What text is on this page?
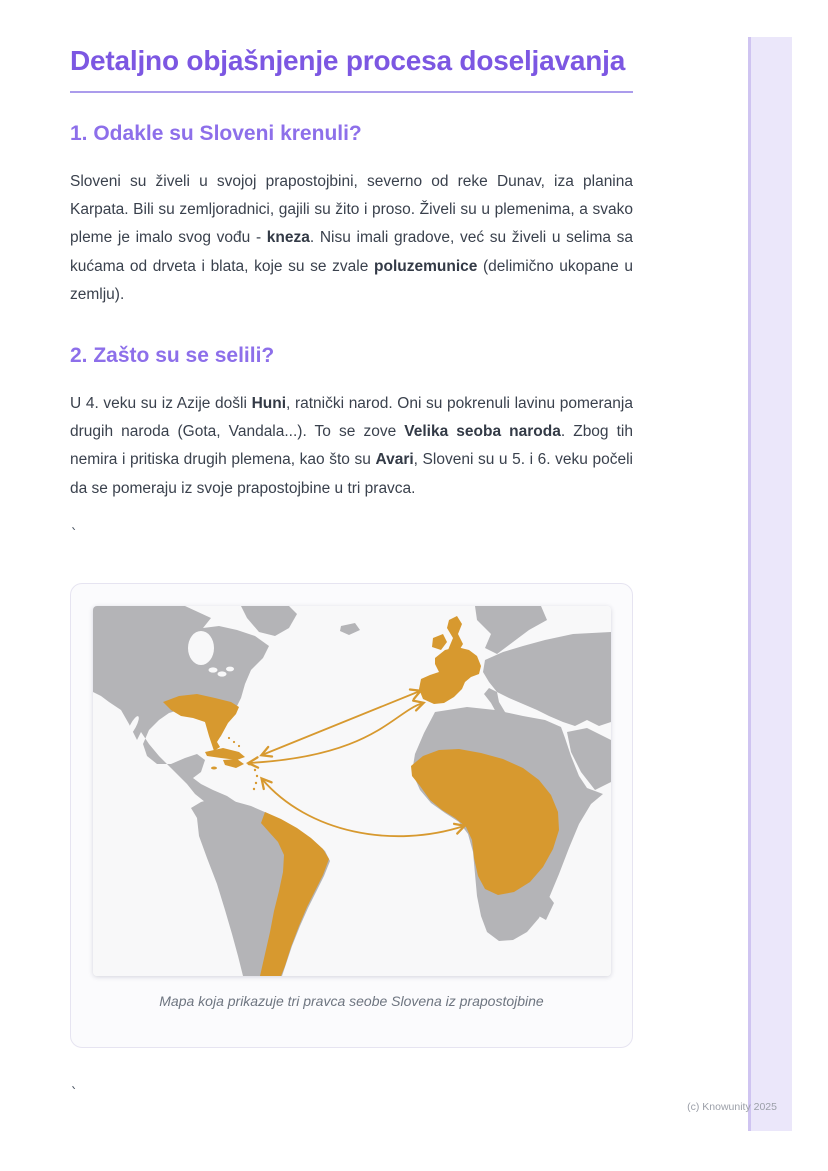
Detaljno objašnjenje procesa doseljavanja
1. Odakle su Sloveni krenuli?

Sloveni su živeli u svojoj prapostojbini, severno od reke Dunav, iza planina Karpata. Bili su zemljoradnici, gajili su žito i proso. Živeli su u plemenima, a svako pleme je imalo svog vođu - kneza. Nisu imali gradove, već su živeli u selima sa kućama od drveta i blata, koje su se zvale poluzemunice (delimično ukopane u zemlju).

2. Zašto su se selili?

U 4. veku su iz Azije došli Huni, ratnički narod. Oni su pokrenuli lavinu pomeranja drugih naroda (Gota, Vandala...). To se zove Velika seoba naroda. Zbog tih nemira i pritiska drugih plemena, kao što su Avari, Sloveni su u 5. i 6. veku počeli da se pomeraju iz svoje prapostojbine u tri pravca.

`
Mapa koja prikazuje tri pravca seobe Slovena iz prapostojbine
`
(c) Knowunity 2025
